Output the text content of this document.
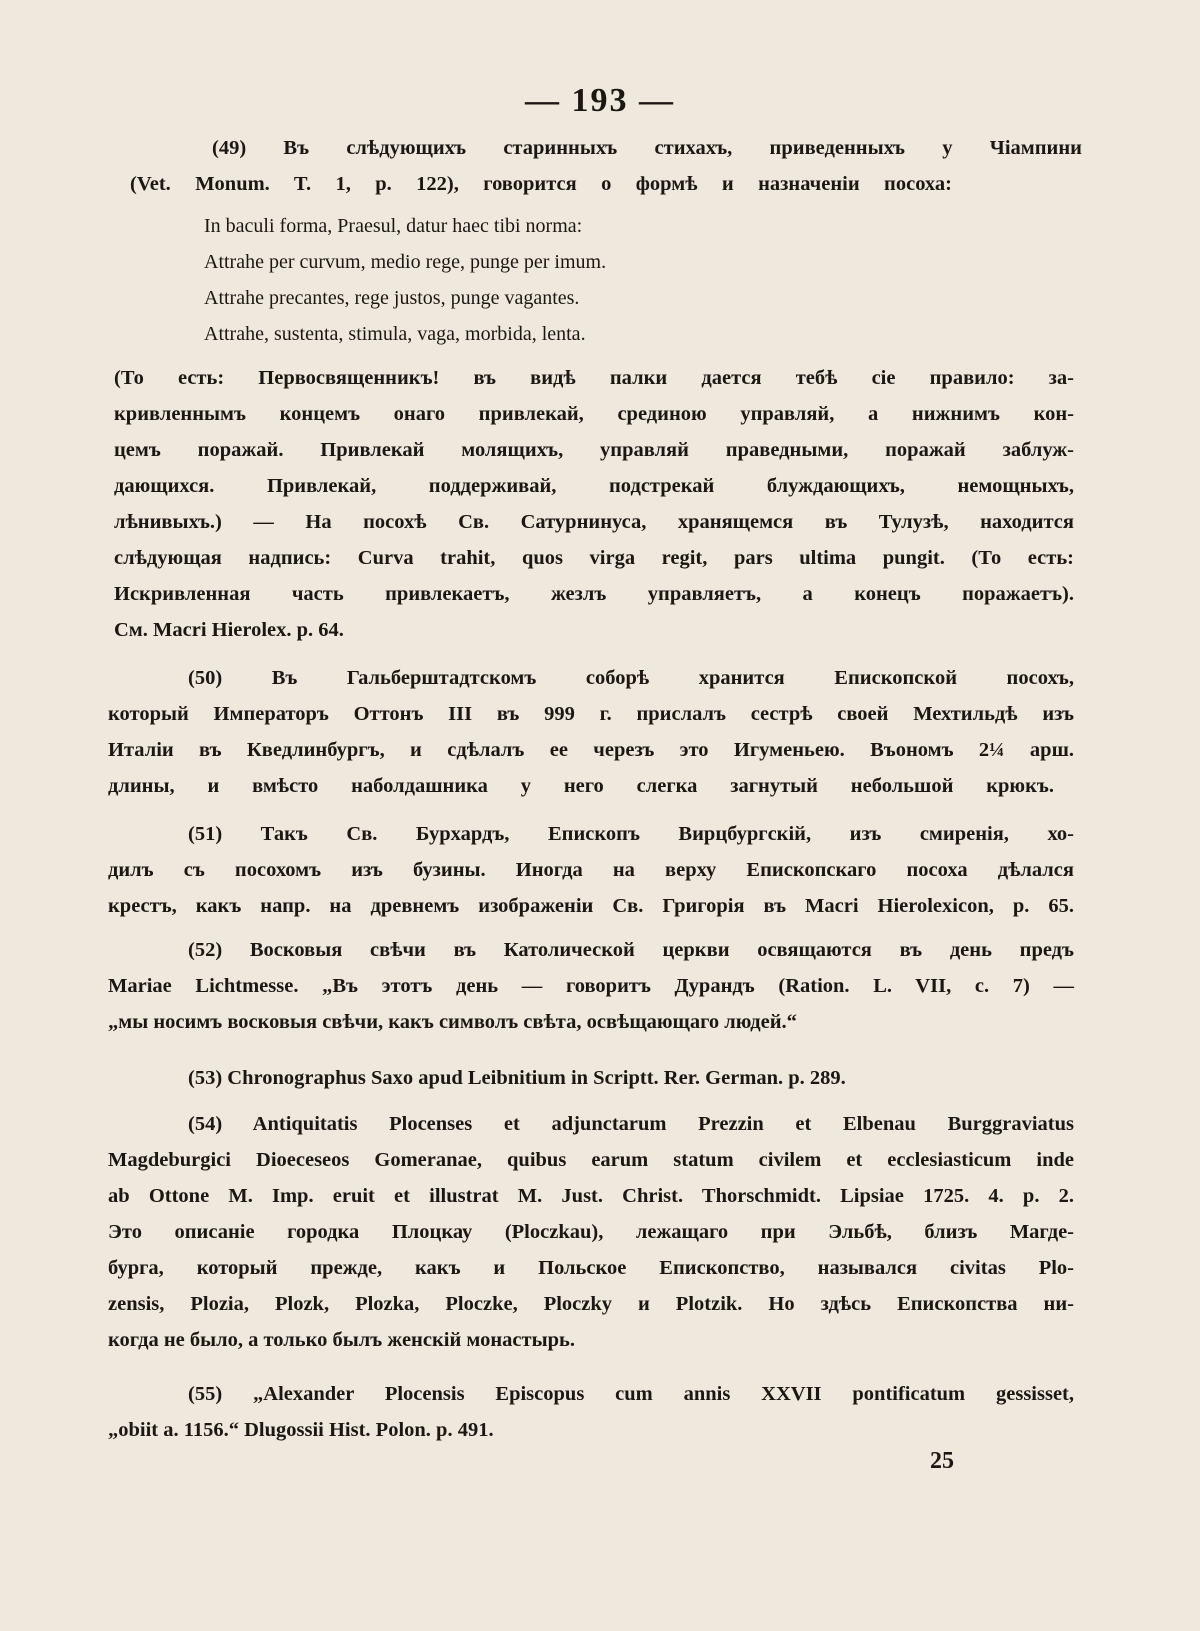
— 193 —
(49) Въ слѣдующихъ старинныхъ стихахъ, приведенныхъ у Чіампини
(Vet. Monum. T. 1, p. 122), говорится о формѣ и назначеніи посоха:
In baculi forma, Praesul, datur haec tibi norma:
Attrahe per curvum, medio rege, punge per imum.
Attrahe precantes, rege justos, punge vagantes.
Attrahe, sustenta, stimula, vaga, morbida, lenta.
(То есть: Первосвященникъ! въ видѣ палки дается тебѣ сіе правило: за-
кривленнымъ концемъ онаго привлекай, срединою управляй, а нижнимъ кон-
цемъ поражай. Привлекай молящихъ, управляй праведными, поражай заблуж-
дающихся. Привлекай, поддерживай, подстрекай блуждающихъ, немощныхъ,
лѣнивыхъ.) — На посохѣ Св. Сатурнинуса, хранящемся въ Тулузѣ, находится
слѣдующая надпись: Curva trahit, quos virga regit, pars ultima pungit. (То есть:
Искривленная часть привлекаетъ, жезлъ управляетъ, а конецъ поражаетъ).
См. Macri Hierolex. p. 64.
(50) Въ Гальберштадтскомъ соборѣ хранится Епископской посохъ,
который Императоръ Оттонъ III въ 999 г. прислалъ сестрѣ своей Мехтильдѣ изъ
Италіи въ Кведлинбургъ, и сдѣлалъ ее черезъ это Игуменьею. Въономъ 2¼ арш.
длины, и вмѣсто наболдашника у него слегка загнутый небольшой крюкъ.
(51) Такъ Св. Бурхардъ, Епископъ Вирцбургскій, изъ смиренія, хо-
дилъ съ посохомъ изъ бузины. Иногда на верху Епископскаго посоха дѣлался
крестъ, какъ напр. на древнемъ изображеніи Св. Григорія въ Macri Hierolexicon, p. 65.
(52) Восковыя свѣчи въ Католической церкви освящаются въ день предъ
Mariae Lichtmesse. „Въ этотъ день — говоритъ Дурандъ (Ration. L. VII, c. 7) —
„мы носимъ восковыя свѣчи, какъ символъ свѣта, освѣщающаго людей.“
(53) Chronographus Saxo apud Leibnitium in Scriptt. Rer. German. p. 289.
(54) Antiquitatis Plocenses et adjunctarum Prezzin et Elbenau Burggraviatus
Magdeburgici Dioeceseos Gomeranae, quibus earum statum civilem et ecclesiasticum inde
ab Ottone M. Imp. eruit et illustrat M. Just. Christ. Thorschmidt. Lipsiae 1725. 4. p. 2.
Это описаніе городка Плоцкау (Ploczkau), лежащаго при Эльбѣ, близъ Магде-
бурга, который прежде, какъ и Польское Епископство, назывался civitas Plo-
zensis, Plozia, Plozk, Plozka, Ploczke, Ploczky и Plotzik. Но здѣсь Епископства ни-
когда не было, а только былъ женскій монастырь.
(55) „Alexander Plocensis Episcopus cum annis XXVII pontificatum gessisset,
„obiit a. 1156.“ Dlugossii Hist. Polon. p. 491.
25
